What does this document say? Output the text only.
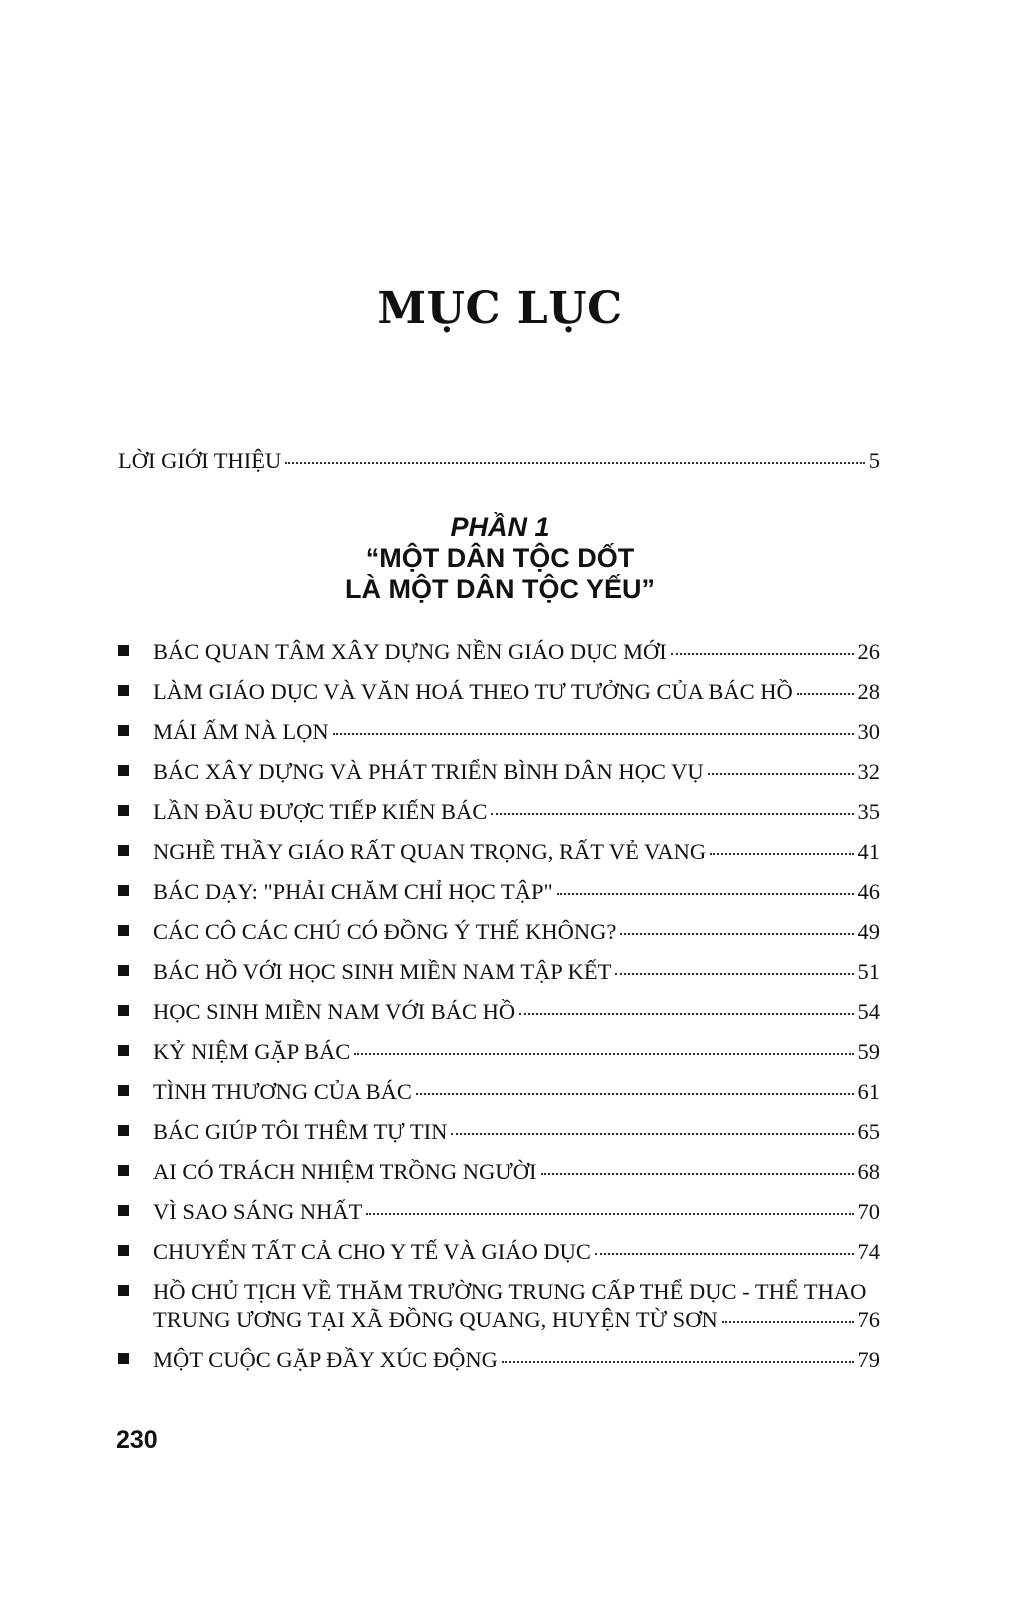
MỤC LỤC
LỜI GIỚI THIỆU	5
PHẦN 1
“MỘT DÂN TỘC DỐT
LÀ MỘT DÂN TỘC YẾU”
BÁC QUAN TÂM XÂY DỰNG NỀN GIÁO DỤC MỚI	26
LÀM GIÁO DỤC VÀ VĂN HOÁ THEO TƯ TƯỞNG CỦA BÁC HỒ	28
MÁI ẤM NÀ LỌN	30
BÁC XÂY DỰNG VÀ PHÁT TRIỂN BÌNH DÂN HỌC VỤ	32
LẦN ĐẦU ĐƯỢC TIẾP KIẾN BÁC	35
NGHỀ THẦY GIÁO RẤT QUAN TRỌNG, RẤT VẺ VANG	41
BÁC DẠY: "PHẢI CHĂM CHỈ HỌC TẬP"	46
CÁC CÔ CÁC CHÚ CÓ ĐỒNG Ý THẾ KHÔNG?	49
BÁC HỒ VỚI HỌC SINH MIỀN NAM TẬP KẾT	51
HỌC SINH MIỀN NAM VỚI BÁC HỒ	54
KỶ NIỆM GẶP BÁC	59
TÌNH THƯƠNG CỦA BÁC	61
BÁC GIÚP TÔI THÊM TỰ TIN	65
AI CÓ TRÁCH NHIỆM TRỒNG NGƯỜI	68
VÌ SAO SÁNG NHẤT	70
CHUYỂN TẤT CẢ CHO Y TẾ VÀ GIÁO DỤC	74
HỒ CHỦ TỊCH VỀ THĂM TRƯỜNG TRUNG CẤP THỂ DỤC - THỂ THAO
TRUNG ƯƠNG TẠI XÃ ĐỒNG QUANG, HUYỆN TỪ SƠN	76
MỘT CUỘC GẶP ĐẦY XÚC ĐỘNG	79
230
